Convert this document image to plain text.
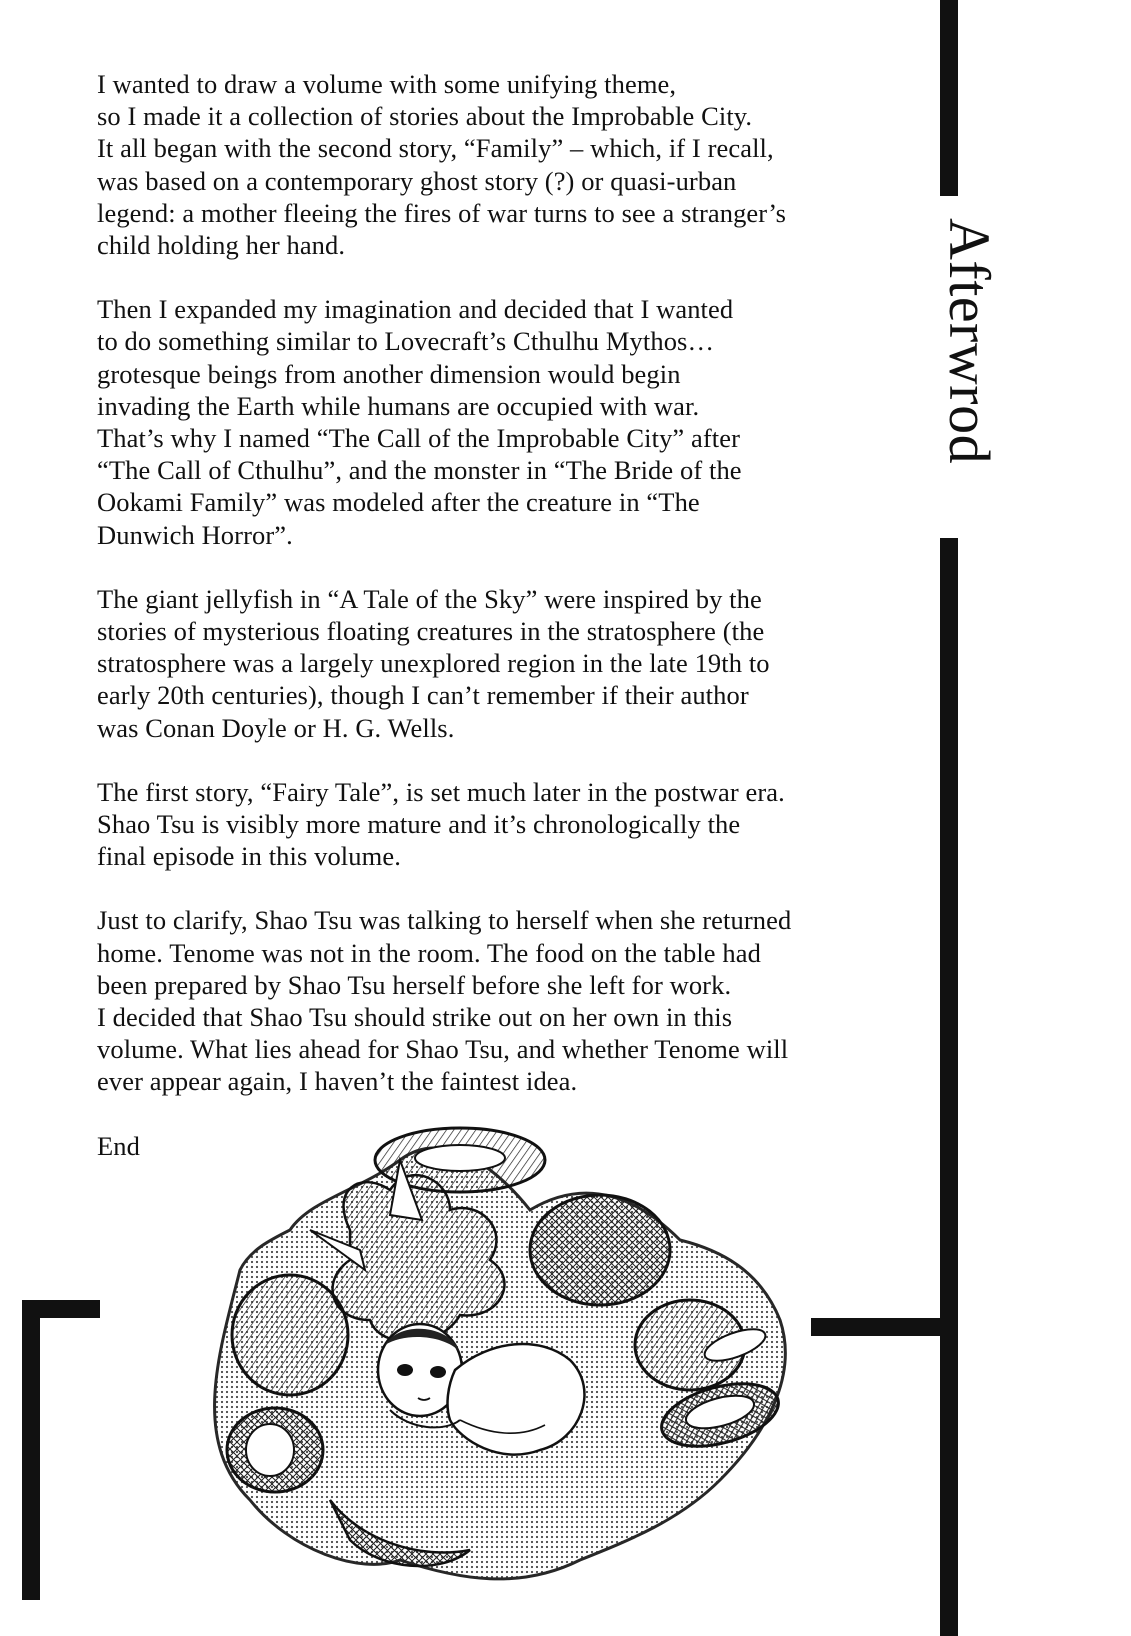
Afterwrod

I wanted to draw a volume with some unifying theme,
so I made it a collection of stories about the Improbable City.
It all began with the second story, “Family” – which, if I recall,
was based on a contemporary ghost story (?) or quasi-urban
legend: a mother fleeing the fires of war turns to see a stranger’s
child holding her hand.

Then I expanded my imagination and decided that I wanted
to do something similar to Lovecraft’s Cthulhu Mythos…
grotesque beings from another dimension would begin
invading the Earth while humans are occupied with war.
That’s why I named “The Call of the Improbable City” after
“The Call of Cthulhu”, and the monster in “The Bride of the
Ookami Family” was modeled after the creature in “The
Dunwich Horror”.

The giant jellyfish in “A Tale of the Sky” were inspired by the
stories of mysterious floating creatures in the stratosphere (the
stratosphere was a largely unexplored region in the late 19th to
early 20th centuries), though I can’t remember if their author
was Conan Doyle or H. G. Wells.

The first story, “Fairy Tale”, is set much later in the postwar era.
Shao Tsu is visibly more mature and it’s chronologically the
final episode in this volume.

Just to clarify, Shao Tsu was talking to herself when she returned
home. Tenome was not in the room. The food on the table had
been prepared by Shao Tsu herself before she left for work.
I decided that Shao Tsu should strike out on her own in this
volume. What lies ahead for Shao Tsu, and whether Tenome will
ever appear again, I haven’t the faintest idea.

End
